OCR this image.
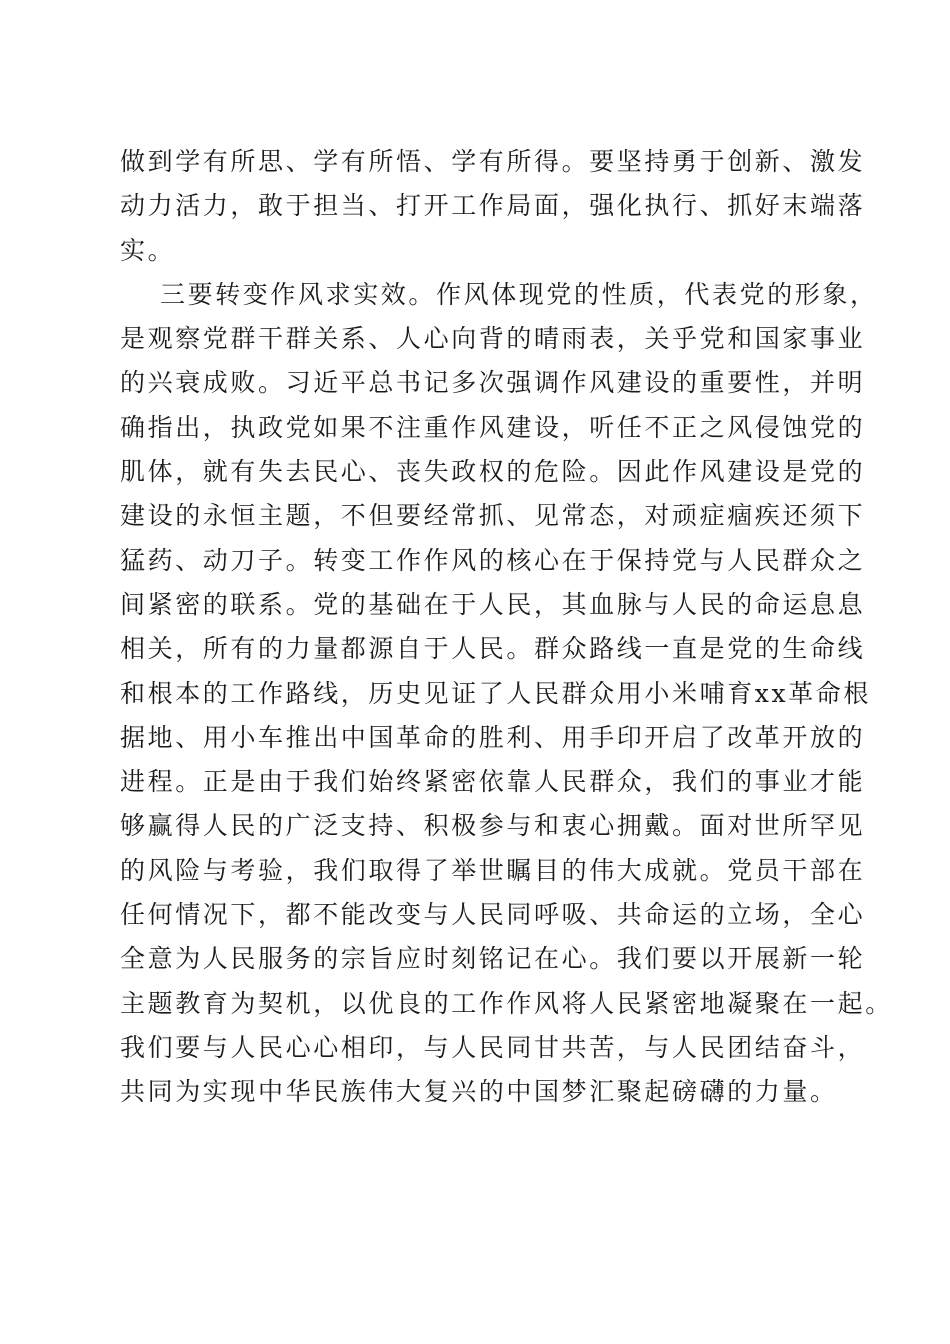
做到学有所思、学有所悟、学有所得。要坚持勇于创新、激发
动力活力，敢于担当、打开工作局面，强化执行、抓好末端落
实。
三要转变作风求实效。作风体现党的性质，代表党的形象，
是观察党群干群关系、人心向背的晴雨表，关乎党和国家事业
的兴衰成败。习近平总书记多次强调作风建设的重要性，并明
确指出，执政党如果不注重作风建设，听任不正之风侵蚀党的
肌体，就有失去民心、丧失政权的危险。因此作风建设是党的
建设的永恒主题，不但要经常抓、见常态，对顽症痼疾还须下
猛药、动刀子。转变工作作风的核心在于保持党与人民群众之
间紧密的联系。党的基础在于人民，其血脉与人民的命运息息
相关，所有的力量都源自于人民。群众路线一直是党的生命线
和根本的工作路线，历史见证了人民群众用小米哺育xx革命根
据地、用小车推出中国革命的胜利、用手印开启了改革开放的
进程。正是由于我们始终紧密依靠人民群众，我们的事业才能
够赢得人民的广泛支持、积极参与和衷心拥戴。面对世所罕见
的风险与考验，我们取得了举世瞩目的伟大成就。党员干部在
任何情况下，都不能改变与人民同呼吸、共命运的立场，全心
全意为人民服务的宗旨应时刻铭记在心。我们要以开展新一轮
主题教育为契机，以优良的工作作风将人民紧密地凝聚在一起。
我们要与人民心心相印，与人民同甘共苦，与人民团结奋斗，
共同为实现中华民族伟大复兴的中国梦汇聚起磅礴的力量。
